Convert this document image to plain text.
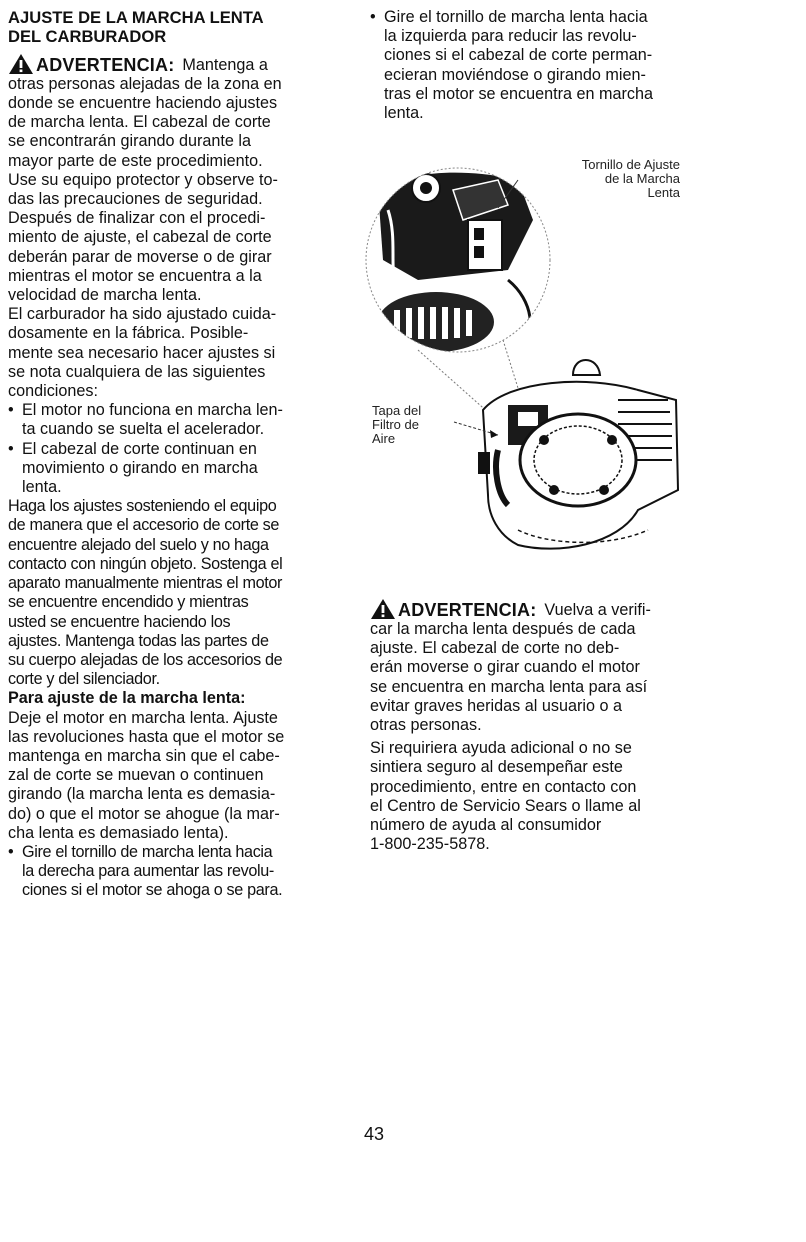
AJUSTE DE LA MARCHA LENTA
DEL CARBURADOR
ADVERTENCIA: Mantenga a
otras personas alejadas de la zona en
donde se encuentre haciendo ajustes
de marcha lenta. El cabezal de corte
se encontrarán girando durante la
mayor parte de este procedimiento.
Use su equipo protector y observe to-
das las precauciones de seguridad.
Después de finalizar con el procedi-
miento de ajuste, el cabezal de corte
deberán parar de moverse o de girar
mientras el motor se encuentra a la
velocidad de marcha lenta.
El carburador ha sido ajustado cuida-
dosamente en la fábrica. Posible-
mente sea necesario hacer ajustes si
se nota cualquiera de las siguientes
condiciones:
• El motor no funciona en marcha len-
ta cuando se suelta el acelerador.
• El cabezal de corte continuan en
movimiento o girando en marcha
lenta.
Haga los ajustes sosteniendo el equipo
de manera que el accesorio de corte se
encuentre alejado del suelo y no haga
contacto con ningún objeto. Sostenga el
aparato manualmente mientras el motor
se encuentre encendido y mientras
usted se encuentre haciendo los
ajustes. Mantenga todas las partes de
su cuerpo alejadas de los accesorios de
corte y del silenciador.
Para ajuste de la marcha lenta:
Deje el motor en marcha lenta. Ajuste
las revoluciones hasta que el motor se
mantenga en marcha sin que el cabe-
zal de corte se muevan o continuen
girando (la marcha lenta es demasia-
do) o que el motor se ahogue (la mar-
cha lenta es demasiado lenta).
• Gire el tornillo de marcha lenta hacia
la derecha para aumentar las revolu-
ciones si el motor se ahoga o se para.
• Gire el tornillo de marcha lenta hacia
la izquierda para reducir las revolu-
ciones si el cabezal de corte perman-
ecieran moviéndose o girando mien-
tras el motor se encuentra en marcha
lenta.
Tornillo de Ajuste
de la Marcha
Lenta
Tapa del
Filtro de
Aire
ADVERTENCIA: Vuelva a verifi-
car la marcha lenta después de cada
ajuste. El cabezal de corte no deb-
erán moverse o girar cuando el motor
se encuentra en marcha lenta para así
evitar graves heridas al usuario o a
otras personas.
Si requiriera ayuda adicional o no se
sintiera seguro al desempeñar este
procedimiento, entre en contacto con
el Centro de Servicio Sears o llame al
número de ayuda al consumidor
1-800-235-5878.
43
